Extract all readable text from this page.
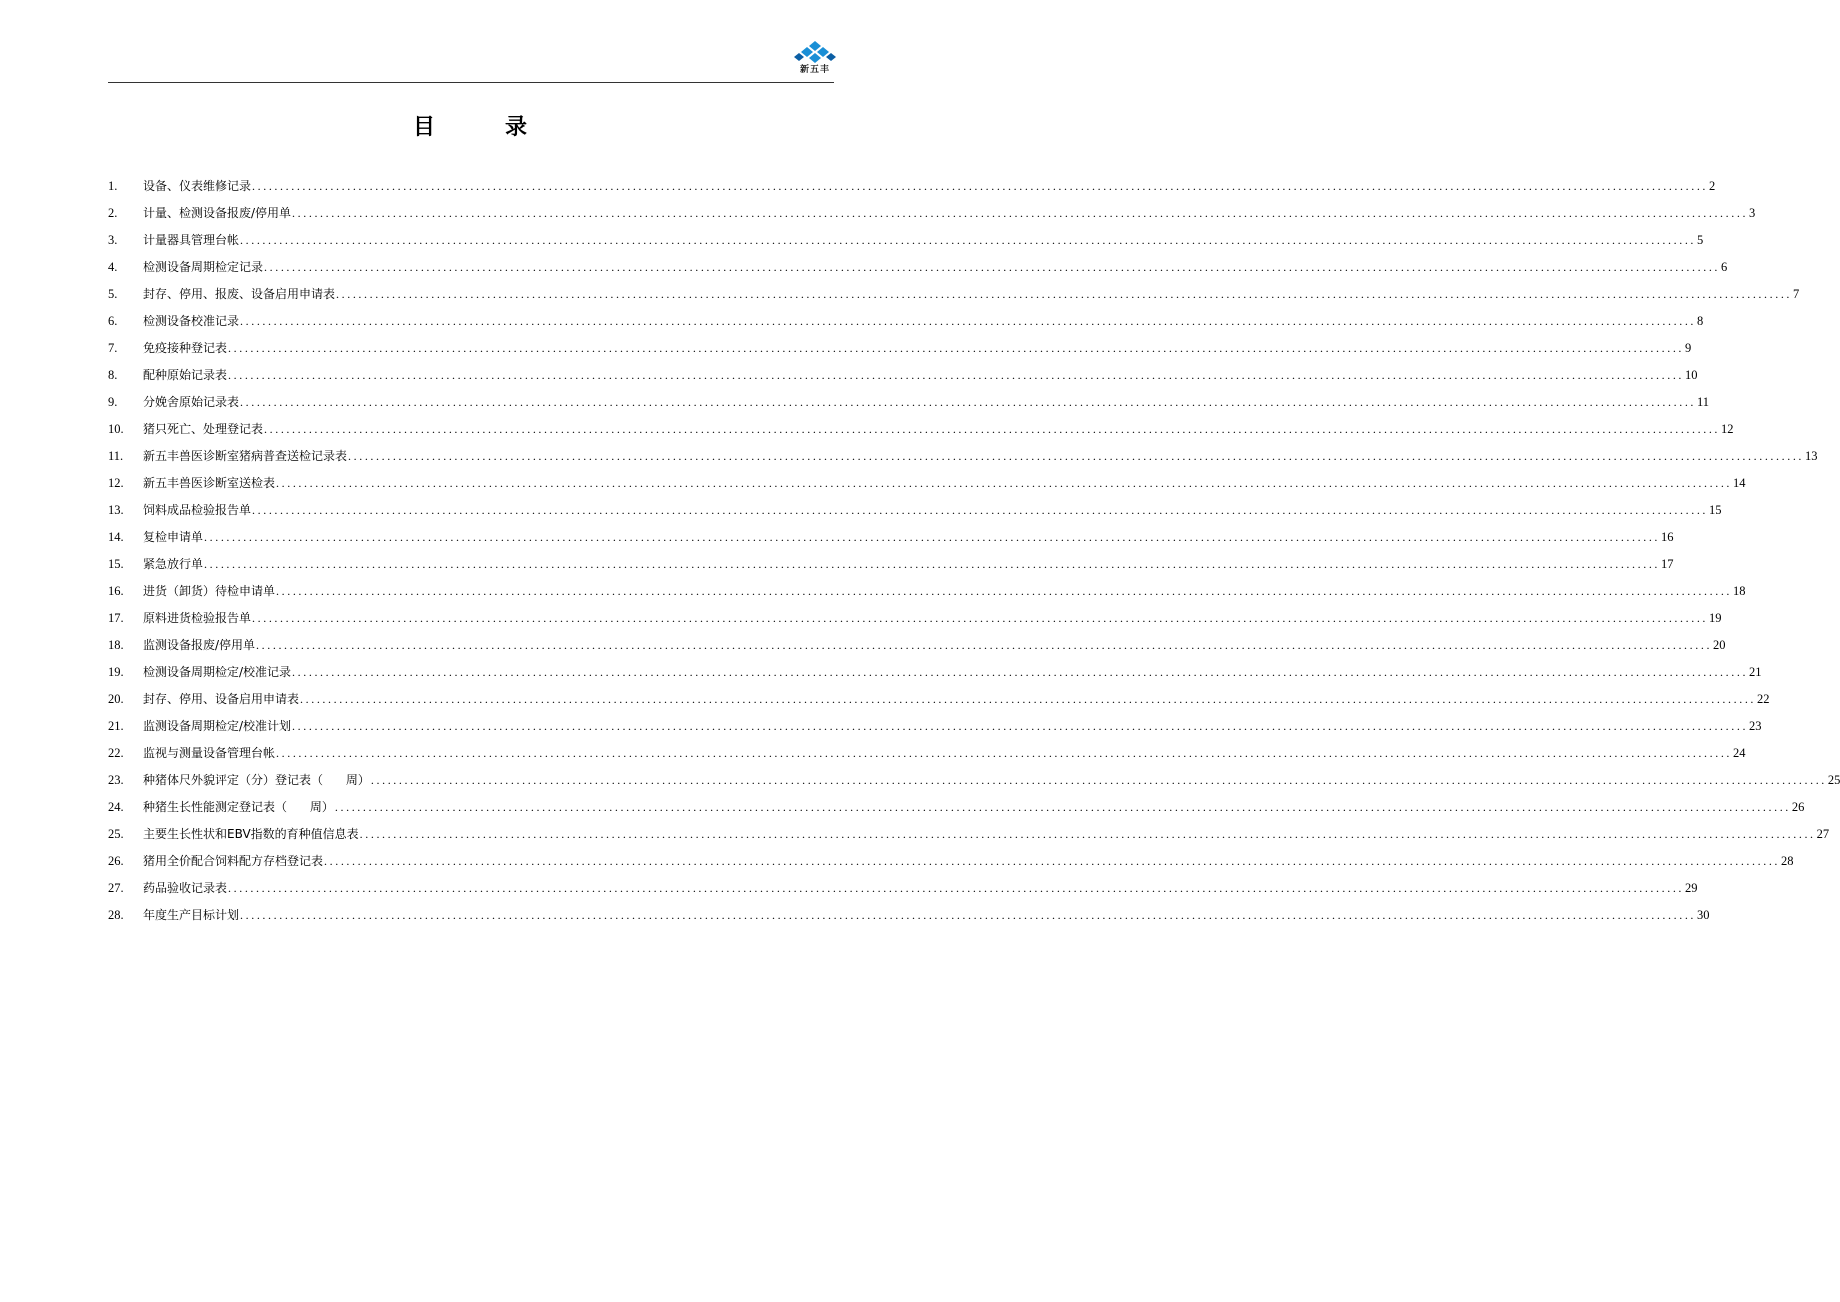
新五丰
目	录
1.	设备、仪表维修记录 .................................................................................................................................................................................................................................................................... 2
2.	计量、检测设备报废/停用单 .................................................................................................................................................................................................................................................................... 3
3.	计量器具管理台帐 .................................................................................................................................................................................................................................................................... 5
4.	检测设备周期检定记录 .................................................................................................................................................................................................................................................................... 6
5.	封存、停用、报废、设备启用申请表 .................................................................................................................................................................................................................................................................... 7
6.	检测设备校准记录 .................................................................................................................................................................................................................................................................... 8
7.	免疫接种登记表 .................................................................................................................................................................................................................................................................... 9
8.	配种原始记录表 .................................................................................................................................................................................................................................................................... 10
9.	分娩舍原始记录表 .................................................................................................................................................................................................................................................................... 11
10.	猪只死亡、处理登记表 .................................................................................................................................................................................................................................................................... 12
11.	新五丰兽医诊断室猪病普查送检记录表 .................................................................................................................................................................................................................................................................... 13
12.	新五丰兽医诊断室送检表 .................................................................................................................................................................................................................................................................... 14
13.	饲料成品检验报告单 .................................................................................................................................................................................................................................................................... 15
14.	复检申请单 .................................................................................................................................................................................................................................................................... 16
15.	紧急放行单 .................................................................................................................................................................................................................................................................... 17
16.	进货（卸货）待检申请单 .................................................................................................................................................................................................................................................................... 18
17.	原料进货检验报告单 .................................................................................................................................................................................................................................................................... 19
18.	监测设备报废/停用单 .................................................................................................................................................................................................................................................................... 20
19.	检测设备周期检定/校准记录 .................................................................................................................................................................................................................................................................... 21
20.	封存、停用、设备启用申请表 .................................................................................................................................................................................................................................................................... 22
21.	监测设备周期检定/校准计划 .................................................................................................................................................................................................................................................................... 23
22.	监视与测量设备管理台帐 .................................................................................................................................................................................................................................................................... 24
23.	种猪体尺外貌评定（分）登记表（      周） .................................................................................................................................................................................................................................................................... 25
24.	种猪生长性能测定登记表（      周） .................................................................................................................................................................................................................................................................... 26
25.	主要生长性状和EBV指数的育种值信息表 .................................................................................................................................................................................................................................................................... 27
26.	猪用全价配合饲料配方存档登记表 .................................................................................................................................................................................................................................................................... 28
27.	药品验收记录表 .................................................................................................................................................................................................................................................................... 29
28.	年度生产目标计划 .................................................................................................................................................................................................................................................................... 30
